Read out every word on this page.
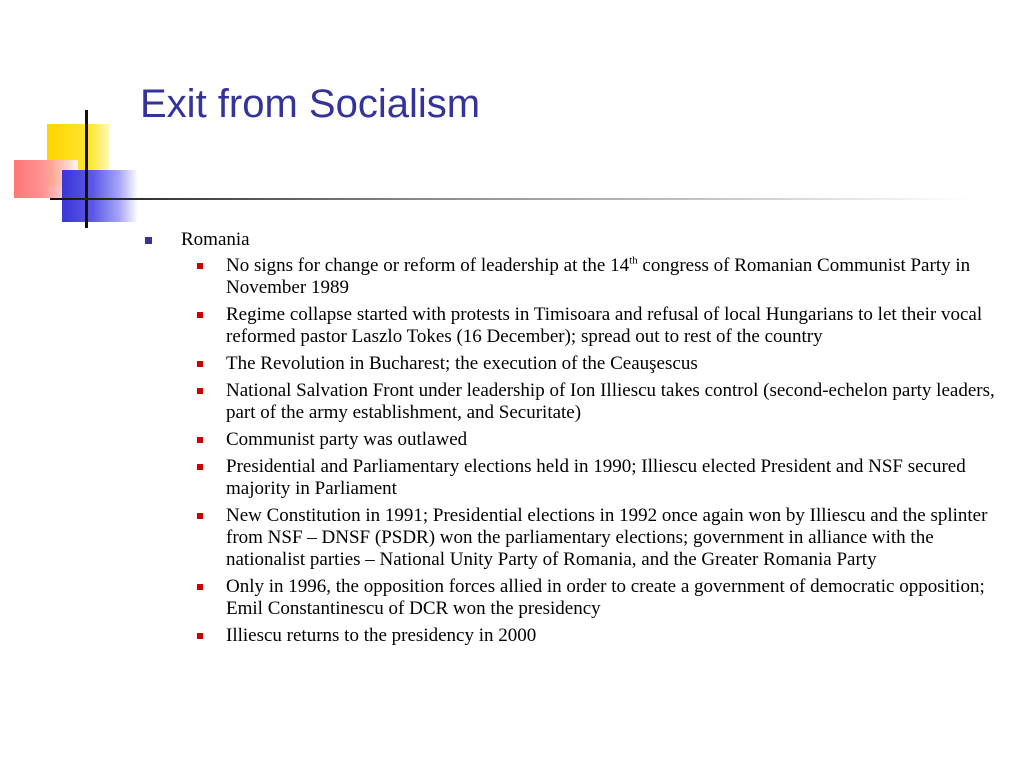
Exit from Socialism
Romania
No signs for change or reform of leadership at the 14th congress of Romanian Communist Party in November 1989
Regime collapse started with protests in Timisoara and refusal of local Hungarians to let their vocal reformed pastor Laszlo Tokes (16 December); spread out to rest of the country
The Revolution in Bucharest; the execution of the Ceauşescus
National Salvation Front under leadership of Ion Illiescu takes control (second-echelon party leaders, part of the army establishment, and Securitate)
Communist party was outlawed
Presidential and Parliamentary elections held in 1990; Illiescu elected President and NSF secured majority in Parliament
New Constitution in 1991; Presidential elections in 1992 once again won by Illiescu and the splinter from NSF – DNSF (PSDR) won the parliamentary elections; government in alliance with the nationalist parties – National Unity Party of Romania, and the Greater Romania Party
Only in 1996, the opposition forces allied in order to create a government of democratic opposition; Emil Constantinescu of DCR won the presidency
Illiescu returns to the presidency in 2000
